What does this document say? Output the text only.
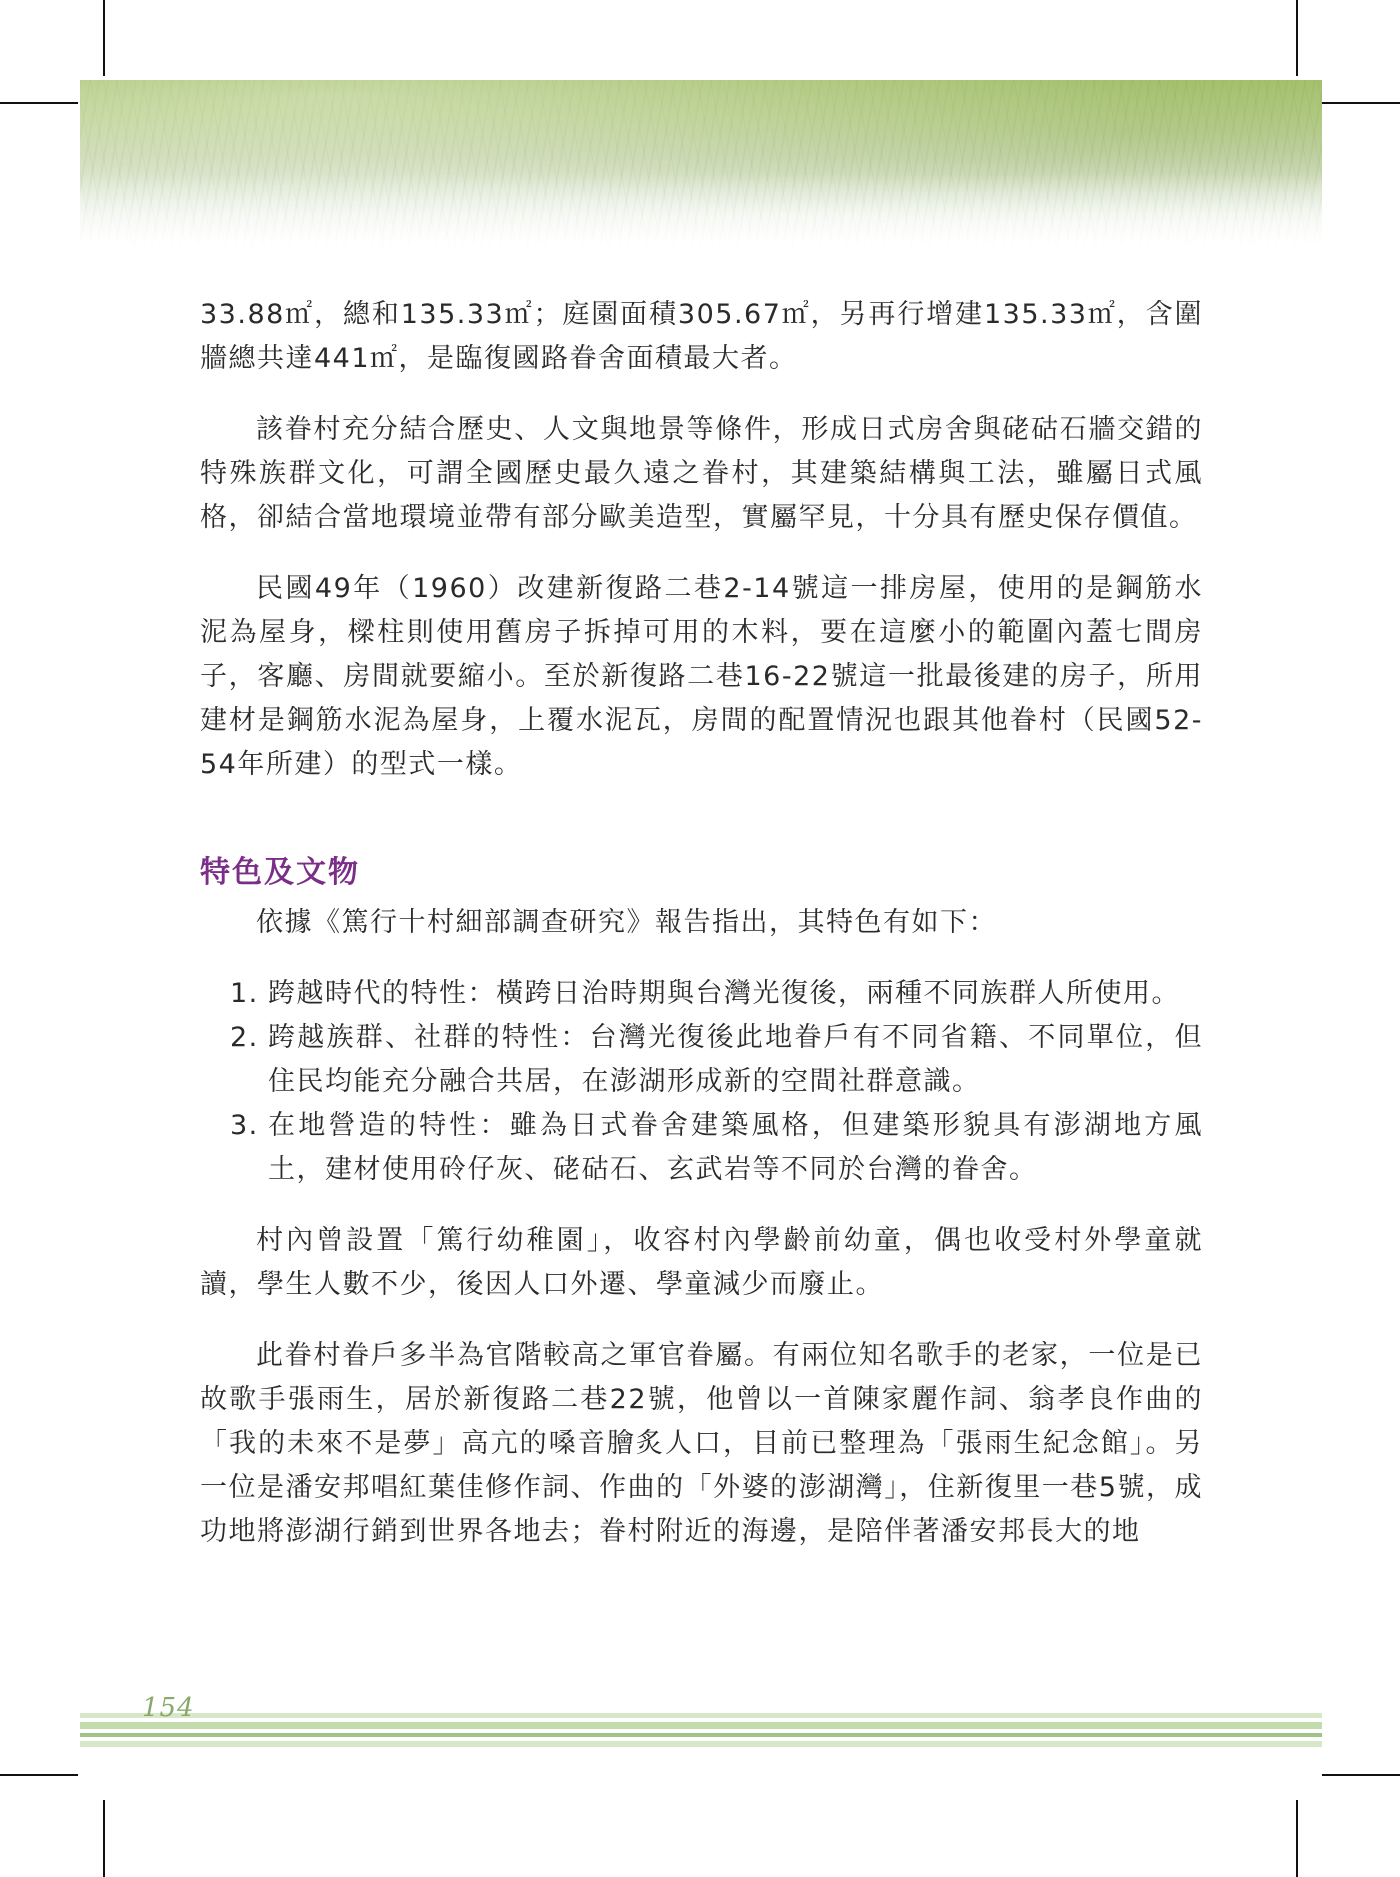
33.88㎡，總和135.33㎡；庭園面積305.67㎡，另再行增建135.33㎡，含圍牆總共達441㎡，是臨復國路眷舍面積最大者。

該眷村充分結合歷史、人文與地景等條件，形成日式房舍與硓𥑮石牆交錯的特殊族群文化，可謂全國歷史最久遠之眷村，其建築結構與工法，雖屬日式風格，卻結合當地環境並帶有部分歐美造型，實屬罕見，十分具有歷史保存價值。

民國49年（1960）改建新復路二巷2-14號這一排房屋，使用的是鋼筋水泥為屋身，樑柱則使用舊房子拆掉可用的木料，要在這麼小的範圍內蓋七間房子，客廳、房間就要縮小。至於新復路二巷16-22號這一批最後建的房子，所用建材是鋼筋水泥為屋身，上覆水泥瓦，房間的配置情況也跟其他眷村（民國52-54年所建）的型式一樣。

特色及文物

依據《篤行十村細部調查研究》報告指出，其特色有如下：

1. 跨越時代的特性：橫跨日治時期與台灣光復後，兩種不同族群人所使用。
2. 跨越族群、社群的特性：台灣光復後此地眷戶有不同省籍、不同單位，但住民均能充分融合共居，在澎湖形成新的空間社群意識。
3. 在地營造的特性：雖為日式眷舍建築風格，但建築形貌具有澎湖地方風土，建材使用砱仔灰、硓𥑮石、玄武岩等不同於台灣的眷舍。

村內曾設置「篤行幼稚園」，收容村內學齡前幼童，偶也收受村外學童就讀，學生人數不少，後因人口外遷、學童減少而廢止。

此眷村眷戶多半為官階較高之軍官眷屬。有兩位知名歌手的老家，一位是已故歌手張雨生，居於新復路二巷22號，他曾以一首陳家麗作詞、翁孝良作曲的「我的未來不是夢」高亢的嗓音膾炙人口，目前已整理為「張雨生紀念館」。另一位是潘安邦唱紅葉佳修作詞、作曲的「外婆的澎湖灣」，住新復里一巷5號，成功地將澎湖行銷到世界各地去；眷村附近的海邊，是陪伴著潘安邦長大的地

154
